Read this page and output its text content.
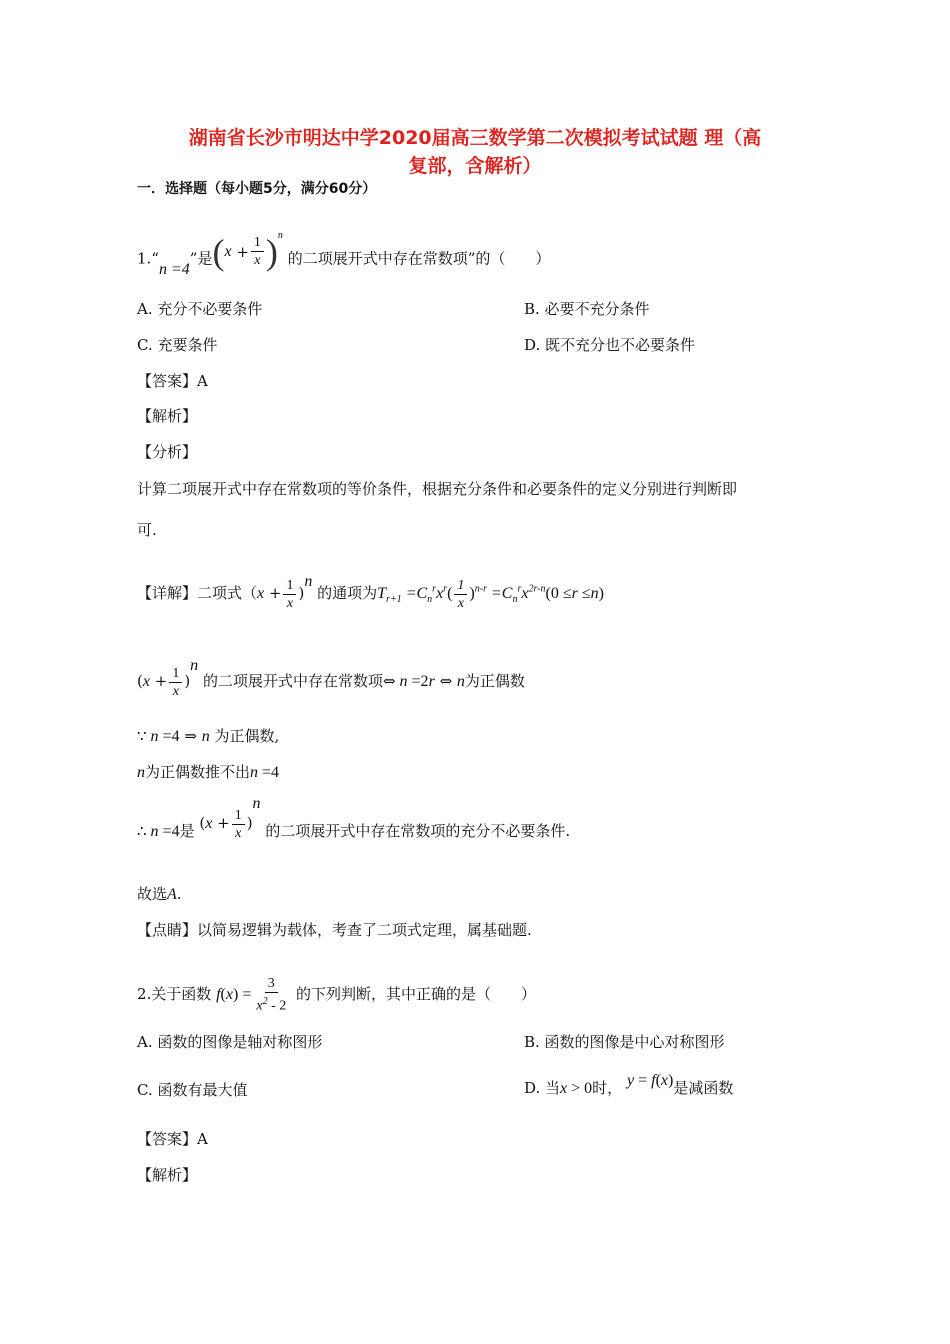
湖南省长沙市明达中学2020届高三数学第二次模拟考试试题 理（高
复部，含解析）
一．选择题（每小题5分，满分60分）
1.“n =4”是 ( $x + \frac{1}{x} )^n$
的二项展开式中存在常数项”的（　　）
A. 充分不必要条件	B. 必要不充分条件
C. 充要条件	D. 既不充分也不必要条件
【答案】A
【解析】
【分析】
计算二项展开式中存在常数项的等价条件，根据充分条件和必要条件的定义分别进行判断即
可.
【详解】二项式$(x + \frac{1}{x} )^n$ 的通项为$T_{r+1} =C_n^rx^r( \frac{1}{x} )^{n-r} =C_n^rx^{2r-n}(0 \le r \le n)$
$(x + \frac{1}{x} )^n$ 的二项展开式中存在常数项⇔ n =2r ⇔ n为正偶数
∵ n =4 ⇒ n 为正偶数,
n为正偶数推不出n =4
∴ n =4是 $(x + \frac{1}{x} )^n$ 的二项展开式中存在常数项的充分不必要条件.
故选A.
【点睛】以简易逻辑为载体，考查了二项式定理，属基础题.
2.关于函数 $f(x) = \frac{3}{x^2 - 2}$ 的下列判断，其中正确的是（　　）
A. 函数的图像是轴对称图形	B. 函数的图像是中心对称图形
C. 函数有最大值	D. 当x > 0时， y = f(x)是减函数
【答案】A
【解析】
